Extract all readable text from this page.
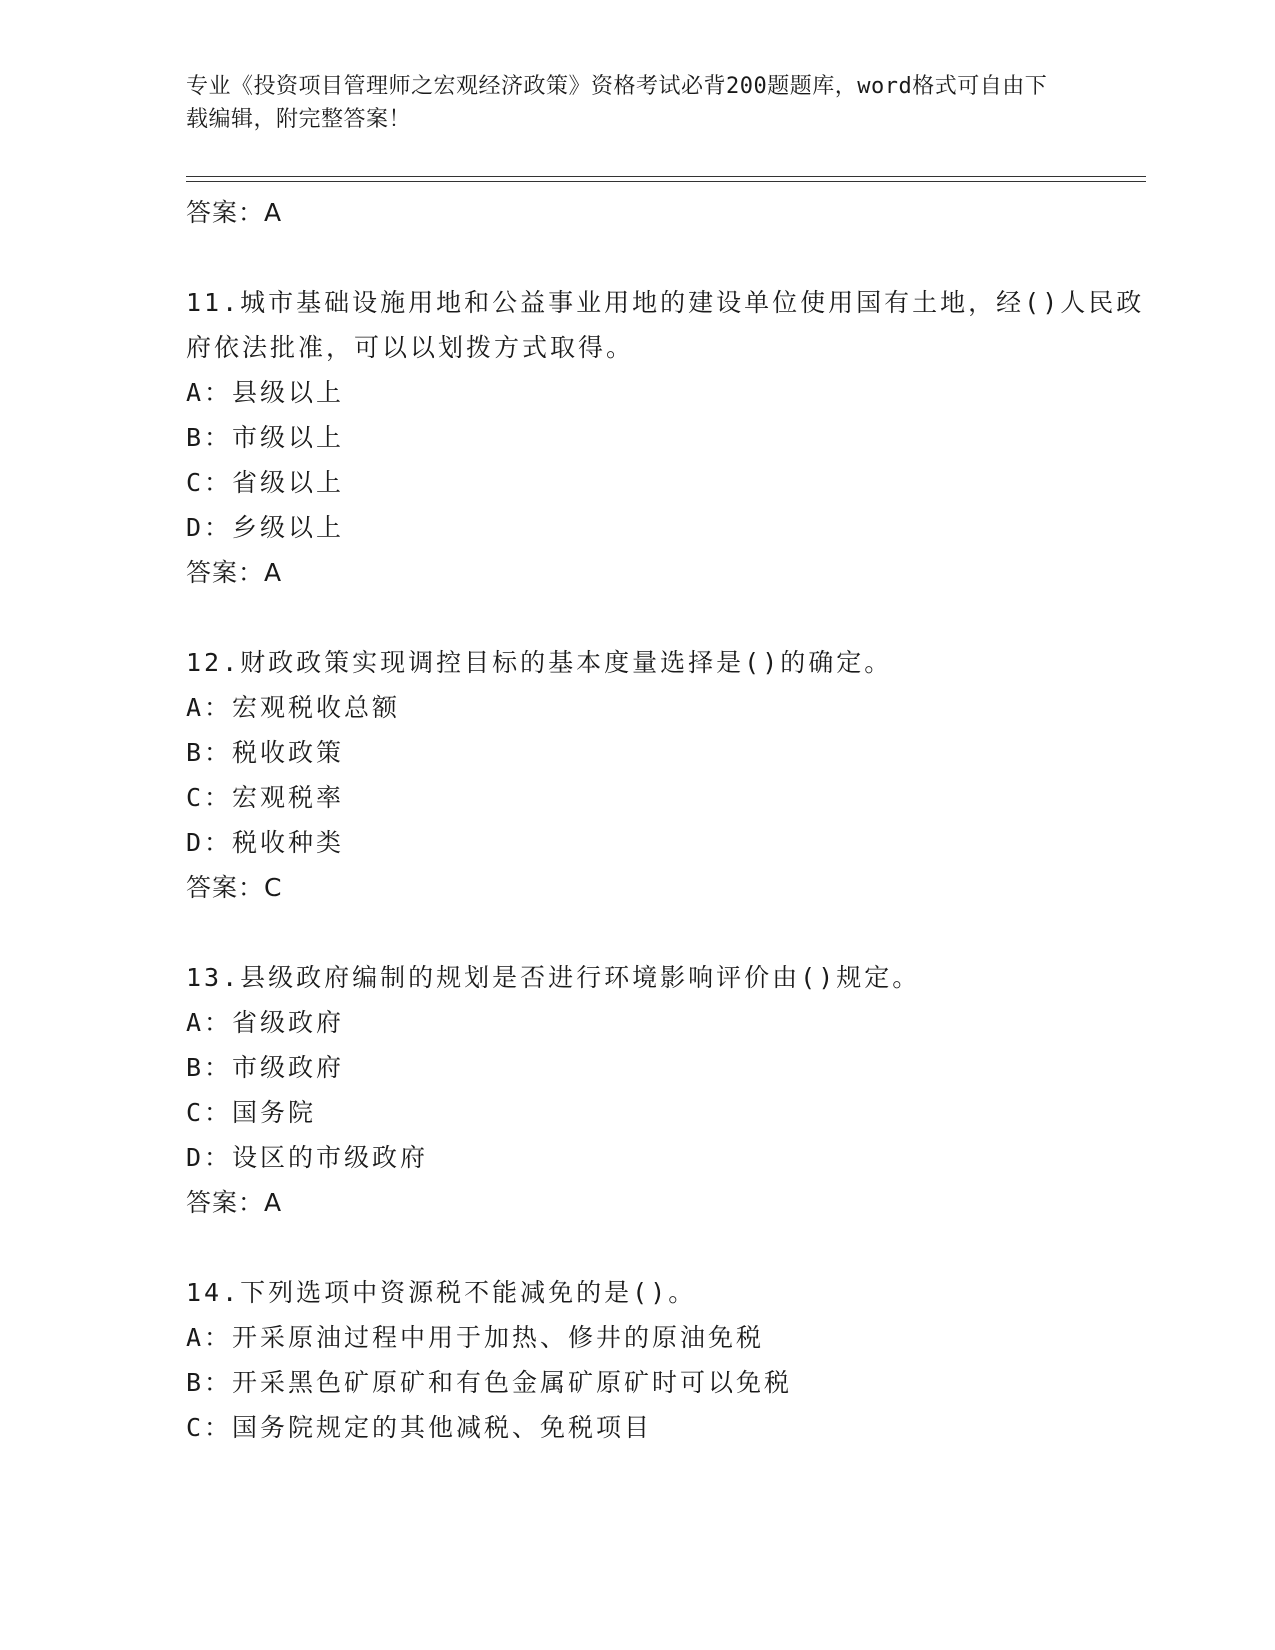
专业《投资项目管理师之宏观经济政策》资格考试必背200题题库，word格式可自由下载编辑，附完整答案！

答案：A

11.城市基础设施用地和公益事业用地的建设单位使用国有土地，经()人民政府依法批准，可以以划拨方式取得。

A：县级以上

B：市级以上

C：省级以上

D：乡级以上

答案：A

12.财政政策实现调控目标的基本度量选择是()的确定。

A：宏观税收总额

B：税收政策

C：宏观税率

D：税收种类

答案：C

13.县级政府编制的规划是否进行环境影响评价由()规定。

A：省级政府

B：市级政府

C：国务院

D：设区的市级政府

答案：A

14.下列选项中资源税不能减免的是()。

A：开采原油过程中用于加热、修井的原油免税

B：开采黑色矿原矿和有色金属矿原矿时可以免税

C：国务院规定的其他减税、免税项目
